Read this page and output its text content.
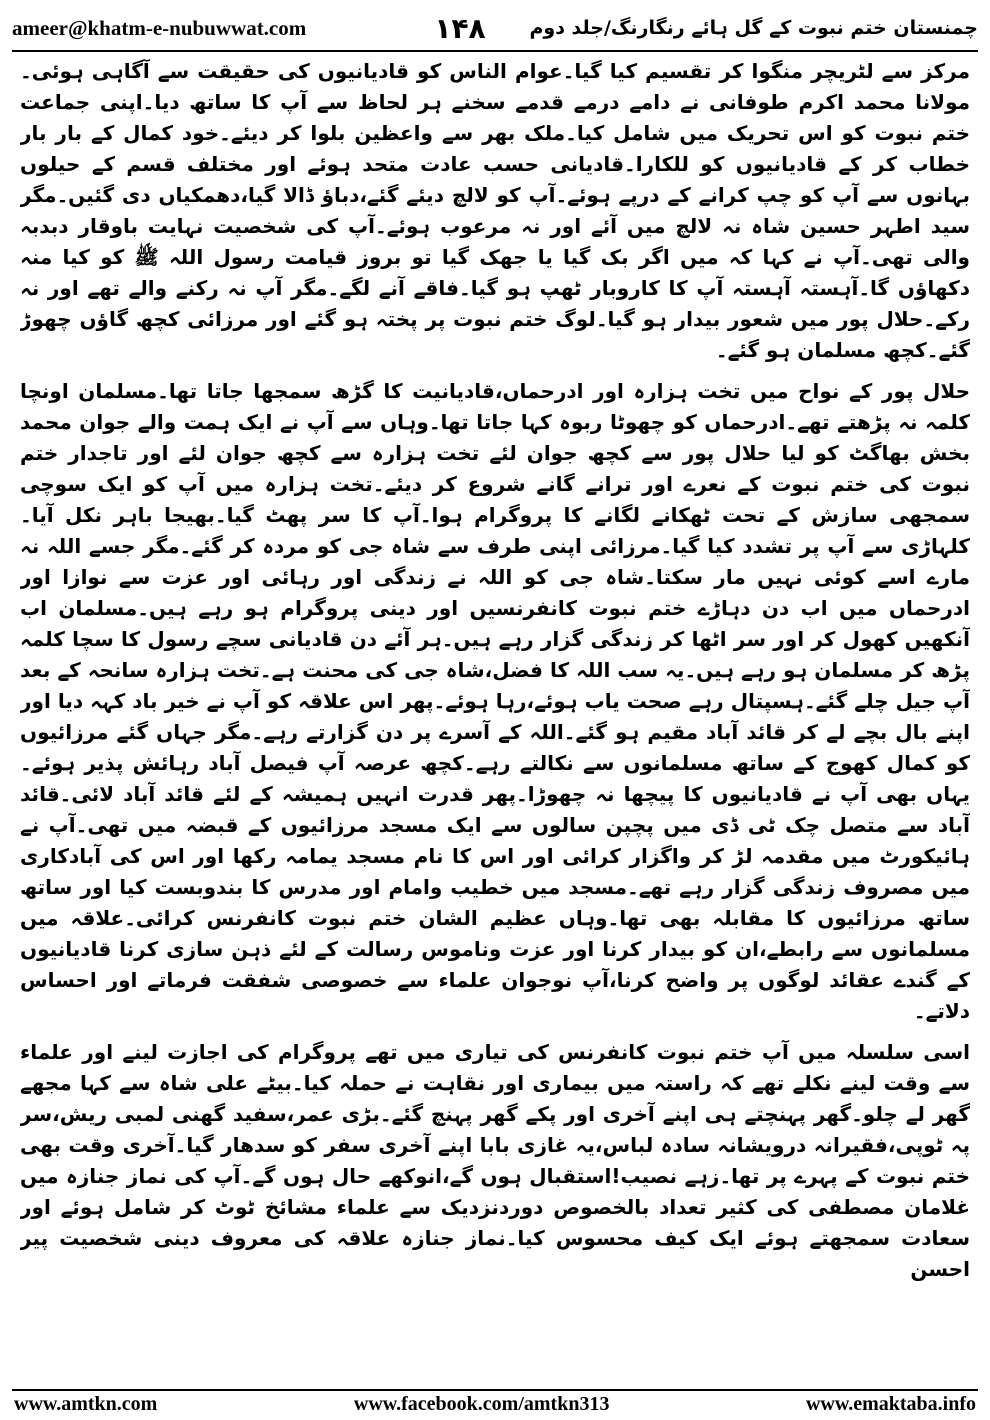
ameer@khatm-e-nubuwwat.com	۱۴۸	چمنستان ختم نبوت کے گل ہائے رنگارنگ/جلد دوم

مرکز سے لٹریچر منگوا کر تقسیم کیا گیا۔عوام الناس کو قادیانیوں کی حقیقت سے آگاہی ہوئی۔مولانا محمد اکرم طوفانی نے دامے درمے قدمے سخنے ہر لحاظ سے آپ کا ساتھ دیا۔اپنی جماعت ختم نبوت کو اس تحریک میں شامل کیا۔ملک بھر سے واعظین بلوا کر دیئے۔خود کمال کے بار بار خطاب کر کے قادیانیوں کو للکارا۔قادیانی حسب عادت متحد ہوئے اور مختلف قسم کے حیلوں بہانوں سے آپ کو چپ کرانے کے درپے ہوئے۔آپ کو لالچ دیئے گئے،دباؤ ڈالا گیا،دھمکیاں دی گئیں۔مگر سید اطہر حسین شاہ نہ لالچ میں آئے اور نہ مرعوب ہوئے۔آپ کی شخصیت نہایت باوقار دبدبہ والی تھی۔آپ نے کہا کہ میں اگر بک گیا یا جھک گیا تو بروز قیامت رسول اللہ ﷺ کو کیا منہ دکھاؤں گا۔آہستہ آہستہ آپ کا کاروبار ٹھپ ہو گیا۔فاقے آنے لگے۔مگر آپ نہ رکنے والے تھے اور نہ رکے۔حلال پور میں شعور بیدار ہو گیا۔لوگ ختم نبوت پر پختہ ہو گئے اور مرزائی کچھ گاؤں چھوڑ گئے۔کچھ مسلمان ہو گئے۔

حلال پور کے نواح میں تخت ہزارہ اور ادرحماں،قادیانیت کا گڑھ سمجھا جاتا تھا۔مسلمان اونچا کلمہ نہ پڑھتے تھے۔ادرحماں کو چھوٹا ربوہ کہا جاتا تھا۔وہاں سے آپ نے ایک ہمت والے جوان محمد بخش بھاگٹ کو لیا حلال پور سے کچھ جوان لئے تخت ہزارہ سے کچھ جوان لئے اور تاجدار ختم نبوت کی ختم نبوت کے نعرے اور ترانے گانے شروع کر دیئے۔تخت ہزارہ میں آپ کو ایک سوچی سمجھی سازش کے تحت ٹھکانے لگانے کا پروگرام ہوا۔آپ کا سر پھٹ گیا۔بھیجا باہر نکل آیا۔کلہاڑی سے آپ پر تشدد کیا گیا۔مرزائی اپنی طرف سے شاہ جی کو مردہ کر گئے۔مگر جسے اللہ نہ مارے اسے کوئی نہیں مار سکتا۔شاہ جی کو اللہ نے زندگی اور رہائی اور عزت سے نوازا اور ادرحماں میں اب دن دہاڑے ختم نبوت کانفرنسیں اور دینی پروگرام ہو رہے ہیں۔مسلمان اب آنکھیں کھول کر اور سر اٹھا کر زندگی گزار رہے ہیں۔ہر آئے دن قادیانی سچے رسول کا سچا کلمہ پڑھ کر مسلمان ہو رہے ہیں۔یہ سب اللہ کا فضل،شاہ جی کی محنت ہے۔تخت ہزارہ سانحہ کے بعد آپ جیل چلے گئے۔ہسپتال رہے صحت یاب ہوئے،رہا ہوئے۔پھر اس علاقہ کو آپ نے خیر باد کہہ دیا اور اپنے بال بچے لے کر قائد آباد مقیم ہو گئے۔اللہ کے آسرے پر دن گزارتے رہے۔مگر جہاں گئے مرزائیوں کو کمال کھوج کے ساتھ مسلمانوں سے نکالتے رہے۔کچھ عرصہ آپ فیصل آباد رہائش پذیر ہوئے۔یہاں بھی آپ نے قادیانیوں کا پیچھا نہ چھوڑا۔پھر قدرت انہیں ہمیشہ کے لئے قائد آباد لائی۔قائد آباد سے متصل چک ٹی ڈی میں پچپن سالوں سے ایک مسجد مرزائیوں کے قبضہ میں تھی۔آپ نے ہائیکورٹ میں مقدمہ لڑ کر واگزار کرائی اور اس کا نام مسجد یمامہ رکھا اور اس کی آبادکاری میں مصروف زندگی گزار رہے تھے۔مسجد میں خطیب وامام اور مدرس کا بندوبست کیا اور ساتھ ساتھ مرزائیوں کا مقابلہ بھی تھا۔وہاں عظیم الشان ختم نبوت کانفرنس کرائی۔علاقہ میں مسلمانوں سے رابطے،ان کو بیدار کرنا اور عزت وناموس رسالت کے لئے ذہن سازی کرنا قادیانیوں کے گندے عقائد لوگوں پر واضح کرنا،آپ نوجوان علماء سے خصوصی شفقت فرماتے اور احساس دلاتے۔

اسی سلسلہ میں آپ ختم نبوت کانفرنس کی تیاری میں تھے پروگرام کی اجازت لینے اور علماء سے وقت لینے نکلے تھے کہ راستہ میں بیماری اور نقاہت نے حملہ کیا۔بیٹے علی شاہ سے کہا مجھے گھر لے چلو۔گھر پہنچتے ہی اپنے آخری اور پکے گھر پہنچ گئے۔بڑی عمر،سفید گھنی لمبی ریش،سر پہ ٹوپی،فقیرانہ درویشانہ سادہ لباس،یہ غازی بابا اپنے آخری سفر کو سدھار گیا۔آخری وقت بھی ختم نبوت کے پہرے پر تھا۔زہے نصیب!استقبال ہوں گے،انوکھے حال ہوں گے۔آپ کی نماز جنازہ میں غلامان مصطفی کی کثیر تعداد بالخصوص دوردنزدیک سے علماء مشائخ ٹوٹ کر شامل ہوئے اور سعادت سمجھتے ہوئے ایک کیف محسوس کیا۔نماز جنازہ علاقہ کی معروف دینی شخصیت پیر احسن

www.amtkn.com	www.facebook.com/amtkn313	www.emaktaba.info
